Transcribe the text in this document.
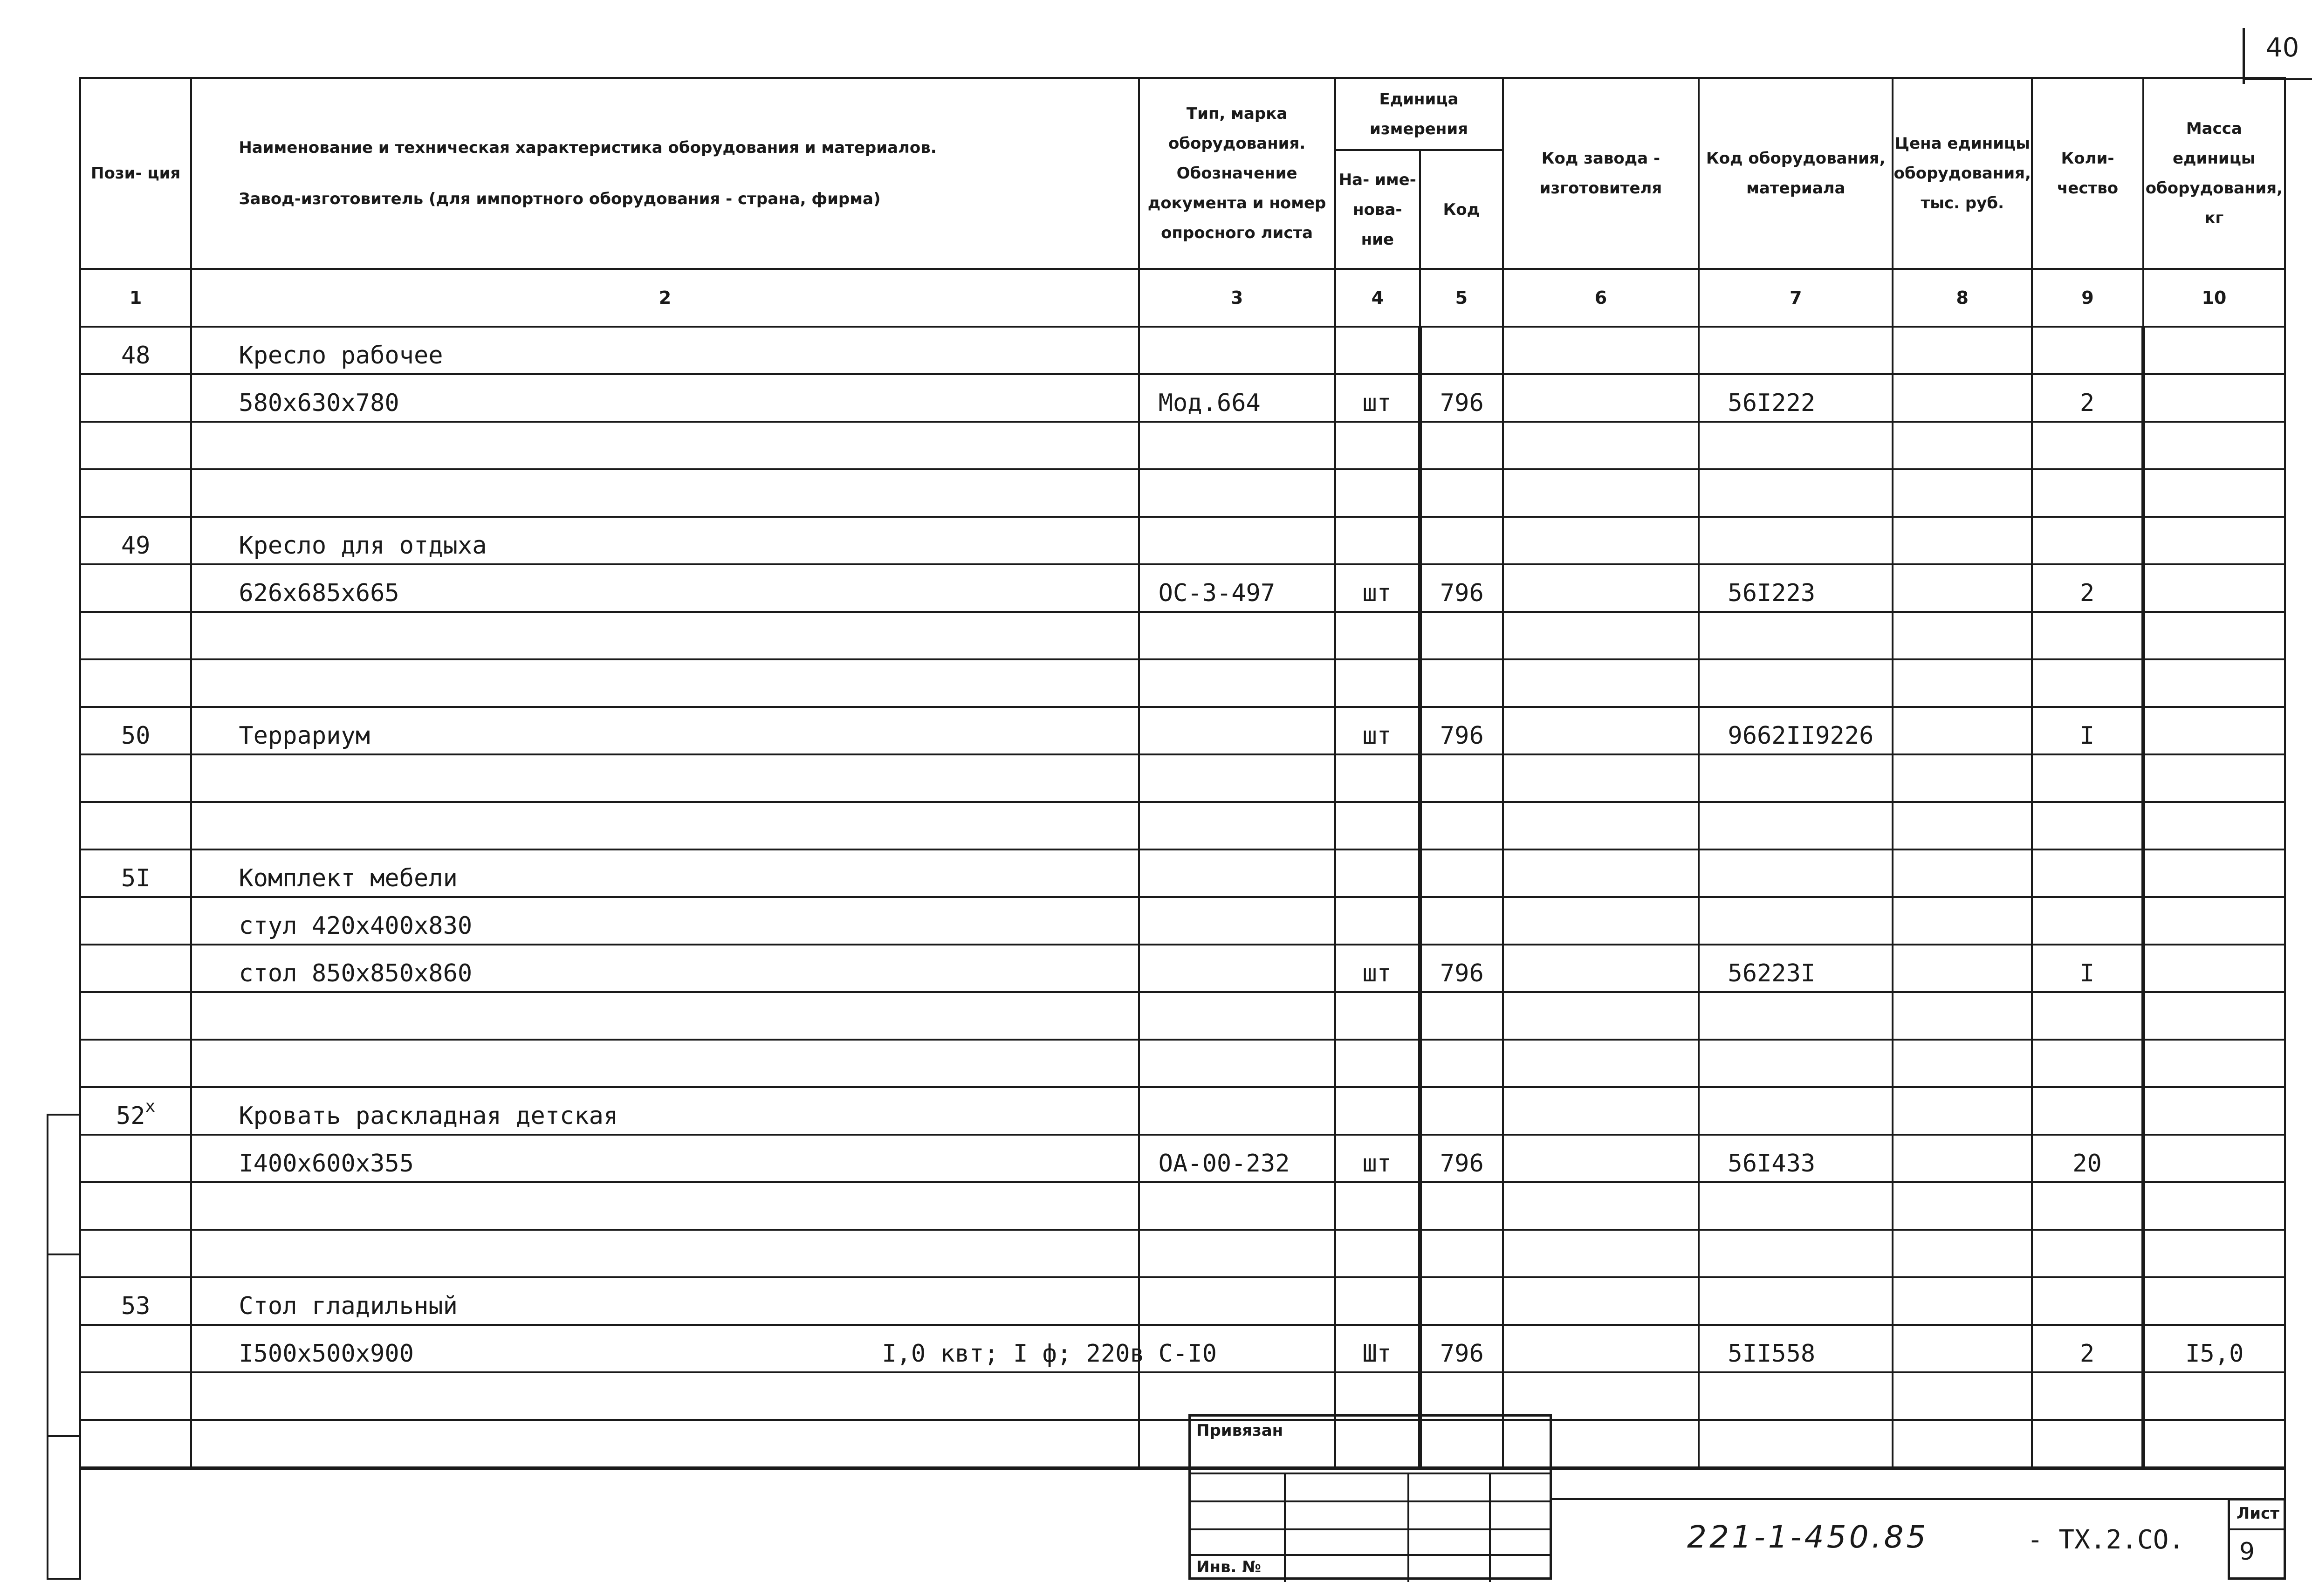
40
Пози- ция	Наименование и техническая характеристика оборудования и материалов.
Завод-изготовитель (для импортного оборудования - страна, фирма)	Тип, марка оборудования. Обозначение документа и номер опросного листа	Единица измерения		Код завода - изготовителя	Код оборудования, материала	Цена единицы оборудования, тыс. руб.	Коли- чество	Масса единицы оборудования, кг
			На- име- нова- ние	Код					
1	2	3	4	5	6	7	8	9	10
48	Кресло рабочее								
	580х630х780	Мод.664	шт	796		56I222		2	

49	Кресло для отдыха								
	626х685х665	ОС-3-497	шт	796		56I223		2	

50	Террариум		шт	796		9662II9226		I	

5I	Комплект мебели								
	стул 420х400х830								
	стол 850х850х860		шт	796		56223I		I	

$52^х$	Кровать раскладная детская								
	I400х600х355	ОА-00-232	шт	796		56I433		20	

53	Стол гладильный								
	I500х500х900 I,0 квт; I ф; 220в	С-I0	Шт	796		5II558		2	I5,0

Привязан
Инв. №
221-1-450.85	- ТХ.2.СО.
Лист
9
